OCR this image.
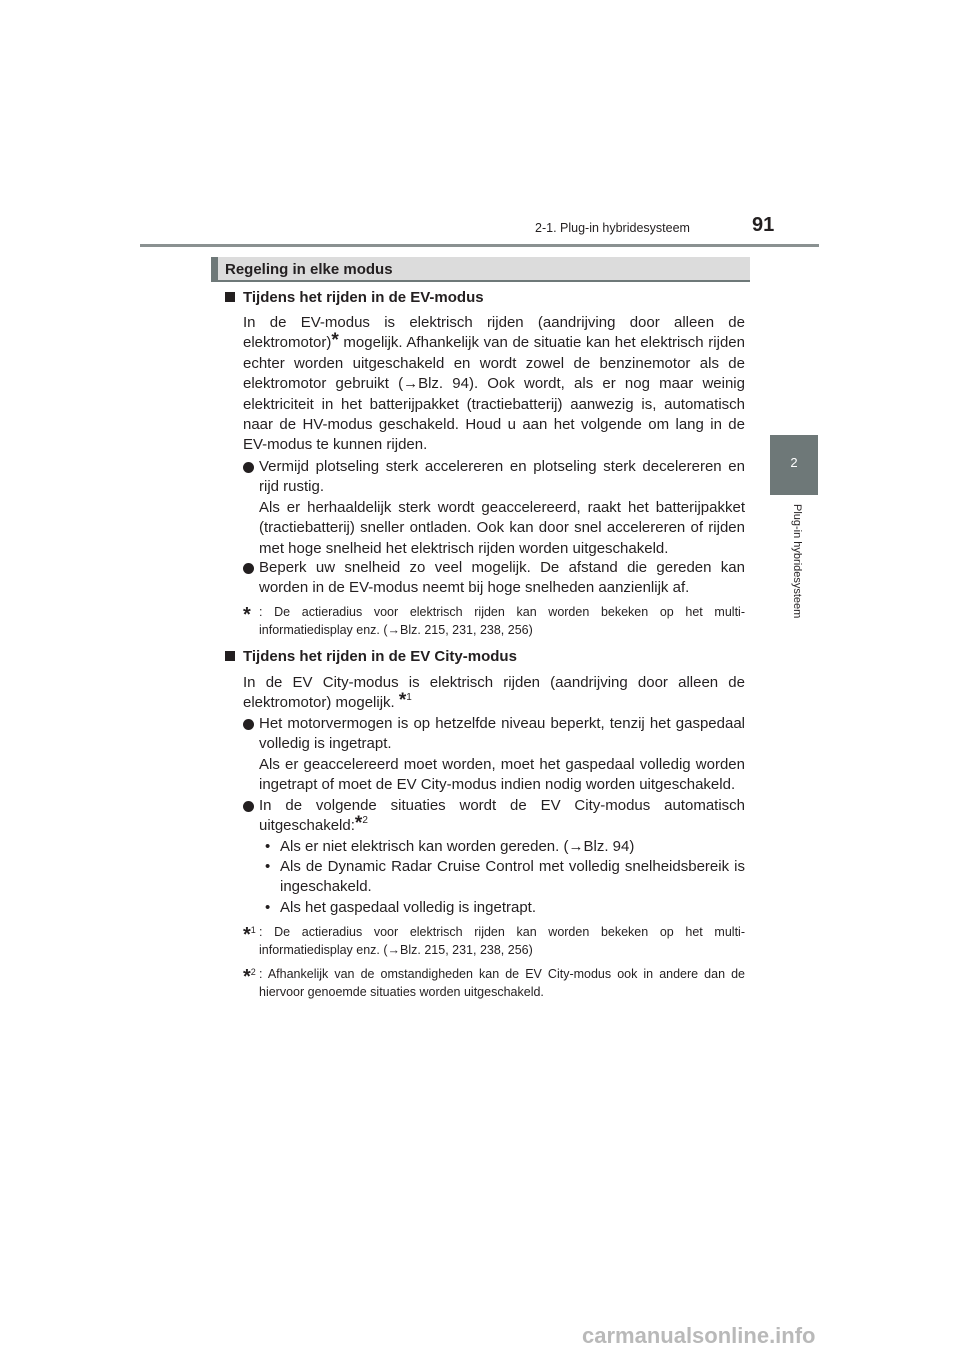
2-1. Plug-in hybridesysteem	91
2
Plug-in hybridesysteem
Regeling in elke modus
Tijdens het rijden in de EV-modus
In de EV-modus is elektrisch rijden (aandrijving door alleen de elektromotor)* mogelijk. Afhankelijk van de situatie kan het elektrisch rijden echter worden uitgeschakeld en wordt zowel de benzinemotor als de elektromotor gebruikt (→Blz. 94). Ook wordt, als er nog maar weinig elektriciteit in het batterijpakket (tractiebatterij) aanwezig is, automatisch naar de HV-modus geschakeld. Houd u aan het volgende om lang in de EV-modus te kunnen rijden.
Vermijd plotseling sterk accelereren en plotseling sterk decelereren en rijd rustig.
Als er herhaaldelijk sterk wordt geaccelereerd, raakt het batterijpakket (tractiebatterij) sneller ontladen. Ook kan door snel accelereren of rijden met hoge snelheid het elektrisch rijden worden uitgeschakeld.
Beperk uw snelheid zo veel mogelijk. De afstand die gereden kan worden in de EV-modus neemt bij hoge snelheden aanzienlijk af.
* : De actieradius voor elektrisch rijden kan worden bekeken op het multi-informatiedisplay enz. (→Blz. 215, 231, 238, 256)
Tijdens het rijden in de EV City-modus
In de EV City-modus is elektrisch rijden (aandrijving door alleen de elektromotor) mogelijk. *$^1$
Het motorvermogen is op hetzelfde niveau beperkt, tenzij het gaspedaal volledig is ingetrapt.
Als er geaccelereerd moet worden, moet het gaspedaal volledig worden ingetrapt of moet de EV City-modus indien nodig worden uitgeschakeld.
In de volgende situaties wordt de EV City-modus automatisch uitgeschakeld:*$^2$
• Als er niet elektrisch kan worden gereden. (→Blz. 94)
• Als de Dynamic Radar Cruise Control met volledig snelheidsbereik is ingeschakeld.
• Als het gaspedaal volledig is ingetrapt.
*$^1$ : De actieradius voor elektrisch rijden kan worden bekeken op het multi-informatiedisplay enz. (→Blz. 215, 231, 238, 256)
*$^2$ : Afhankelijk van de omstandigheden kan de EV City-modus ook in andere dan de hiervoor genoemde situaties worden uitgeschakeld.
carmanualsonline.info
